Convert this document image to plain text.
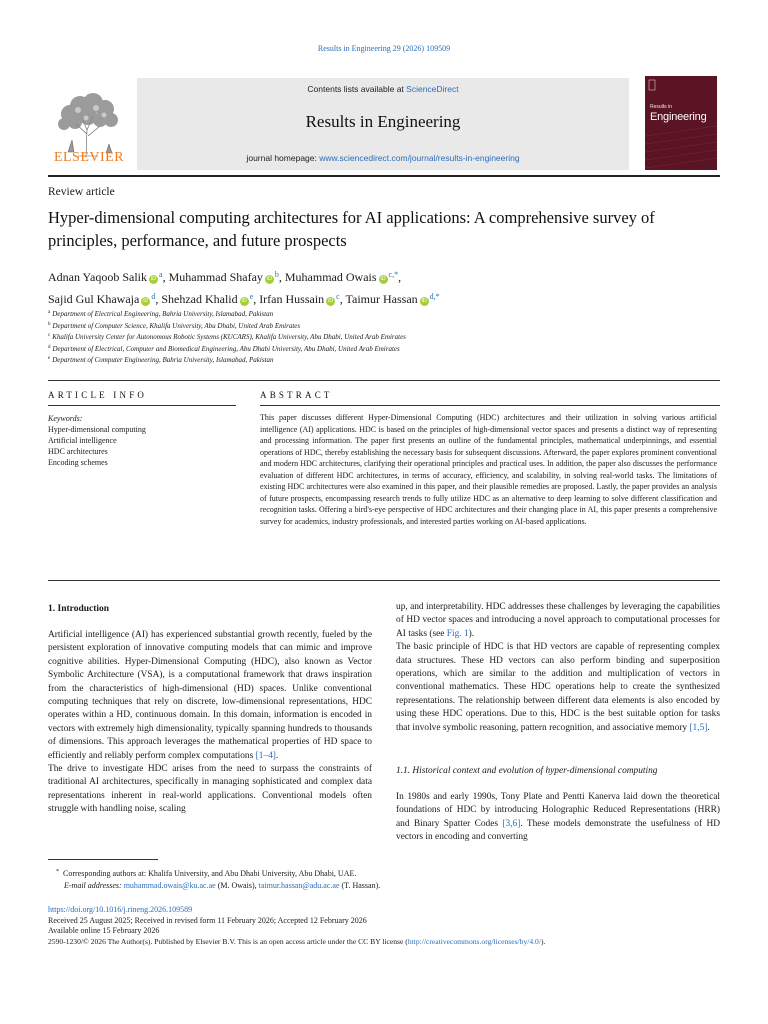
Results in Engineering 29 (2026) 109509
Contents lists available at ScienceDirect
Results in Engineering
journal homepage: www.sciencedirect.com/journal/results-in-engineering
ELSEVIER
Results in
Engineering
Review article
Hyper-dimensional computing architectures for AI applications: A comprehensive survey of principles, performance, and future prospects
Adnan Yaqoob Salik iD $^a$, Muhammad Shafay iD $^b$, Muhammad Owais iD $^{c,*}$,
Sajid Gul Khawaja iD $^d$, Shehzad Khalid iD $^e$, Irfan Hussain iD $^c$, Taimur Hassan iD $^{d,*}$
$^a$ Department of Electrical Engineering, Bahria University, Islamabad, Pakistan
$^b$ Department of Computer Science, Khalifa University, Abu Dhabi, United Arab Emirates
$^c$ Khalifa University Center for Autonomous Robotic Systems (KUCARS), Khalifa University, Abu Dhabi, United Arab Emirates
$^d$ Department of Electrical, Computer and Biomedical Engineering, Abu Dhabi University, Abu Dhabi, United Arab Emirates
$^e$ Department of Computer Engineering, Bahria University, Islamabad, Pakistan
ARTICLE INFO	ABSTRACT
Keywords:
Hyper-dimensional computing
Artificial intelligence
HDC architectures
Encoding schemes
This paper discusses different Hyper-Dimensional Computing (HDC) architectures and their utilization in solving various artificial intelligence (AI) applications. HDC is based on the principles of high-dimensional vector spaces and presents a distinct way of representing and processing information. The paper first presents an outline of the fundamental principles, mathematical underpinnings, and essential operations of HDC, thereby establishing the necessary basis for subsequent discussions. Afterward, the paper explores prominent conventional and modern HDC architectures, clarifying their operational principles and practical uses. In addition, the paper also discusses the performance evaluation of different HDC architectures, in terms of accuracy, efficiency, and scalability, in solving real-world tasks. The limitations of existing HDC architectures were also examined in this paper, and their plausible remedies are proposed. Lastly, the paper provides an analysis of future prospects, encompassing research trends to fully utilize HDC as an alternative to deep learning to solve different classification and recognition tasks. Offering a bird's-eye perspective of HDC architectures and their changing place in AI, this paper presents a comprehensive survey for academics, industry professionals, and interested parties working on AI-based applications.
1. Introduction

Artificial intelligence (AI) has experienced substantial growth recently, fueled by the persistent exploration of innovative computing models that can mimic and improve cognitive abilities. Hyper-Dimensional Computing (HDC), also known as Vector Symbolic Architecture (VSA), is a computational framework that draws inspiration from the characteristics of high-dimensional (HD) spaces. Unlike conventional computing techniques that rely on discrete, low-dimensional representations, HDC operates within a HD, continuous domain. In this domain, information is encoded in vectors with extremely high dimensionality, typically spanning hundreds to thousands of dimensions. This approach leverages the mathematical properties of HD space to efficiently and reliably perform complex computations [1–4].

The drive to investigate HDC arises from the need to surpass the constraints of traditional AI architectures, specifically in managing sophisticated and complex data representations inherent in real-world applications. Conventional models often struggle with handling noise, scaling

up, and interpretability. HDC addresses these challenges by leveraging the capabilities of HD vector spaces and introducing a novel approach to computational processes for AI tasks (see Fig. 1).

The basic principle of HDC is that HD vectors are capable of representing complex data structures. These HD vectors can also perform binding and superposition operations, which are similar to the addition and multiplication of vectors in conventional mathematics. These HDC operations help to create the synthesized representations. The relationship between different data elements is also encoded by using these HDC operations. Due to this, HDC is the best suitable option for tasks that involve symbolic reasoning, pattern recognition, and associative memory [1,5].

1.1. Historical context and evolution of hyper-dimensional computing

In 1980s and early 1990s, Tony Plate and Pentti Kanerva laid down the theoretical foundations of HDC by introducing Holographic Reduced Representations (HRR) and Binary Spatter Codes [3,6]. These models demonstrate the usefulness of HD vectors in encoding and converting

* Corresponding authors at: Khalifa University, and Abu Dhabi University, Abu Dhabi, UAE.
E-mail addresses: muhammad.owais@ku.ac.ae (M. Owais), taimur.hassan@adu.ac.ae (T. Hassan).
https://doi.org/10.1016/j.rineng.2026.109589
Received 25 August 2025; Received in revised form 11 February 2026; Accepted 12 February 2026
Available online 15 February 2026
2590-1230/© 2026 The Author(s). Published by Elsevier B.V. This is an open access article under the CC BY license (http://creativecommons.org/licenses/by/4.0/).
